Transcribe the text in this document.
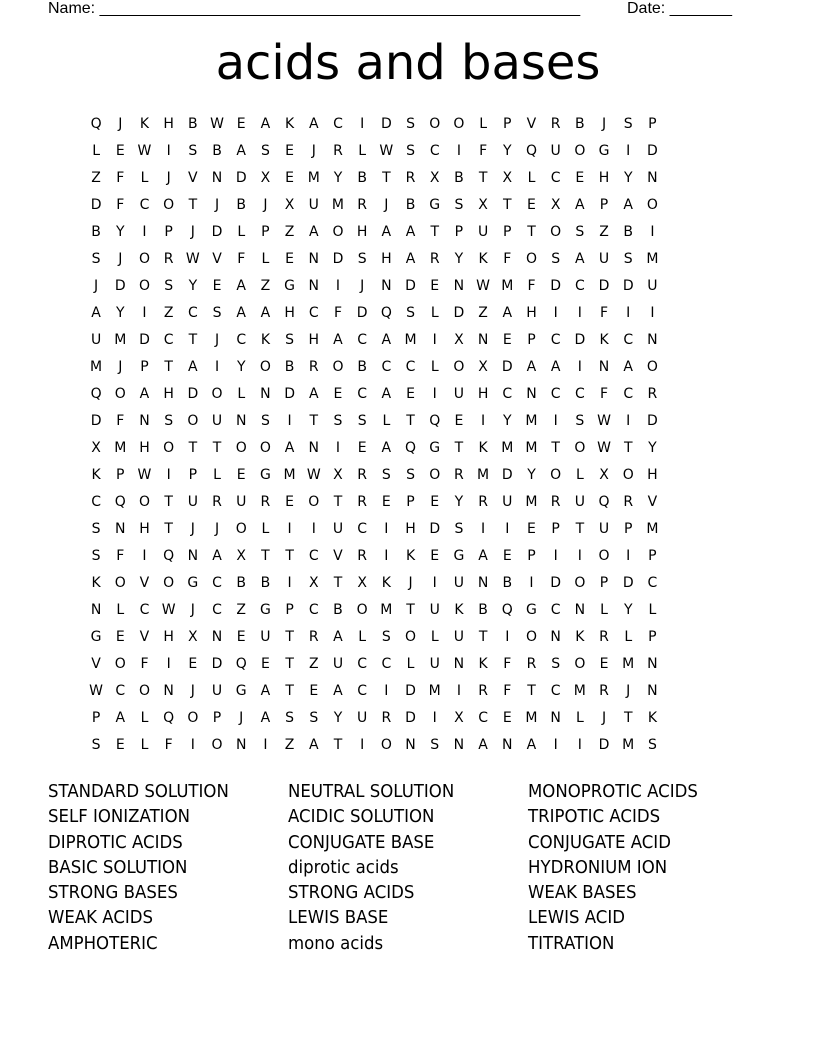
Name: ______________________________________________________	Date: _______
acids and bases
Q	J	K	H	B W E	A	K	A	C	I	D	S	O O	L	P	V	R	B	J	S	P
L	E W	I	S	B	A	S	E	J	R	L W S	C	I	F	Y	Q U O G	I	D
Z	F	L	J	V	N D	X	E M Y	B	T	R	X	B	T	X	L	C	E	H	Y	N
D	F	C O	T	J	B	J	X	U M R	J	B G	S	X	T	E	X	A	P	A O
B	Y	I	P	J	D	L	P	Z	A O H	A	A	T	P	U	P	T	O	S	Z	B	I
S	J	O R W V	F	L	E	N D	S	H	A	R	Y	K	F	O	S	A	U	S M
J	D O	S	Y	E	A	Z G N	I	J	N D	E	N W M	F	D C D D U
A	Y	I	Z	C	S	A	A	H	C	F	D Q	S	L	D	Z	A	H	I	I	F	I	I
U M D C	T	J	C	K	S	H	A	C	A M	I	X	N	E	P	C D	K	C	N
M	J	P	T	A	I	Y	O B	R O B	C	C	L	O X	D	A	A	I	N	A O
Q O A	H D O	L	N D	A	E	C	A	E	I	U H	C	N	C	C	F	C	R
D	F	N	S	O U N	S	I	T	S	S	L	T	Q	E	I	Y M	I	S W	I	D
X M H O	T	T	O O A	N	I	E	A Q G	T	K M M T	O W T	Y
K	P W	I	P	L	E	G M W X	R	S	S	O R M D	Y	O	L	X O H
C Q O	T	U	R	U	R	E	O	T	R	E	P	E	Y	R	U M R	U Q R	V
S	N H	T	J	J	O	L	I	I	U	C	I	H D	S	I	I	E	P	T	U	P M
S	F	I	Q N	A	X	T	T	C	V	R	I	K	E	G A	E	P	I	I	O	I	P
K	O V O G C	B	B	I	X	T	X	K	J	I	U N	B	I	D O	P	D C
N	L	C W	J	C	Z G	P	C	B O M T	U	K	B Q G C	N	L	Y	L
G	E	V	H	X	N	E	U	T	R	A	L	S	O	L	U	T	I	O N	K	R	L	P
V O	F	I	E	D Q	E	T	Z	U	C	C	L	U N	K	F	R	S	O	E M N
W C O N	J	U G A	T	E	A	C	I	D M	I	R	F	T	C M R	J	N
P	A	L	Q O	P	J	A	S	S	Y	U	R D	I	X	C	E M N	L	J	T	K
S	E	L	F	I	O N	I	Z	A	T	I	O N	S	N	A	N	A	I	I	D M S
STANDARD SOLUTION
SELF IONIZATION
DIPROTIC ACIDS
BASIC SOLUTION
STRONG BASES
WEAK ACIDS
AMPHOTERIC
NEUTRAL SOLUTION
ACIDIC SOLUTION
CONJUGATE BASE
diprotic acids
STRONG ACIDS
LEWIS BASE
mono acids
MONOPROTIC ACIDS
TRIPOTIC ACIDS
CONJUGATE ACID
HYDRONIUM ION
WEAK BASES
LEWIS ACID
TITRATION
